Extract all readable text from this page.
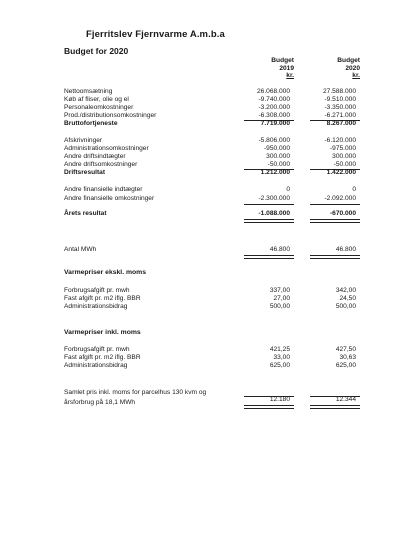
Fjerritslev Fjernvarme A.m.b.a
Budget for 2020
Budget
2019
kr.
Budget
2020
kr.
Nettoomsætning	26.068.000	27.588.000
Køb af fliser, olie og el	-9.740.000	-9.510.000
Personaleomkostninger	-3.200.000	-3.350.000
Prod./distributionsomkostninger	-6.308.000	-6.271.000
Bruttofortjeneste	7.719.000	8.267.000
Afskrivninger	-5.806.000	-6.120.000
Administrationsomkostninger	-950.000	-975.000
Andre driftsindtægter	300.000	300.000
Andre driftsomkostninger	-50.000	-50.000
Driftsresultat	1.212.000	1.422.000
Andre finansielle indtægter	0	0
Andre finansielle omkostninger	-2.300.000	-2.092.000
Årets resultat	-1.088.000	-670.000
Antal MWh	46.800	46.800
Varmepriser ekskl. moms
Forbrugsafgift pr. mwh	337,00	342,00
Fast afgift pr. m2 iflg. BBR	27,00	24,50
Administrationsbidrag	500,00	500,00
Varmepriser inkl. moms
Forbrugsafgift pr. mwh	421,25	427,50
Fast afgift pr. m2 iflg. BBR	33,00	30,63
Administrationsbidrag	625,00	625,00
Samlet pris inkl. moms for parcelhus 130 kvm og årsforbrug på 18,1 MWh	12.180	12.344
